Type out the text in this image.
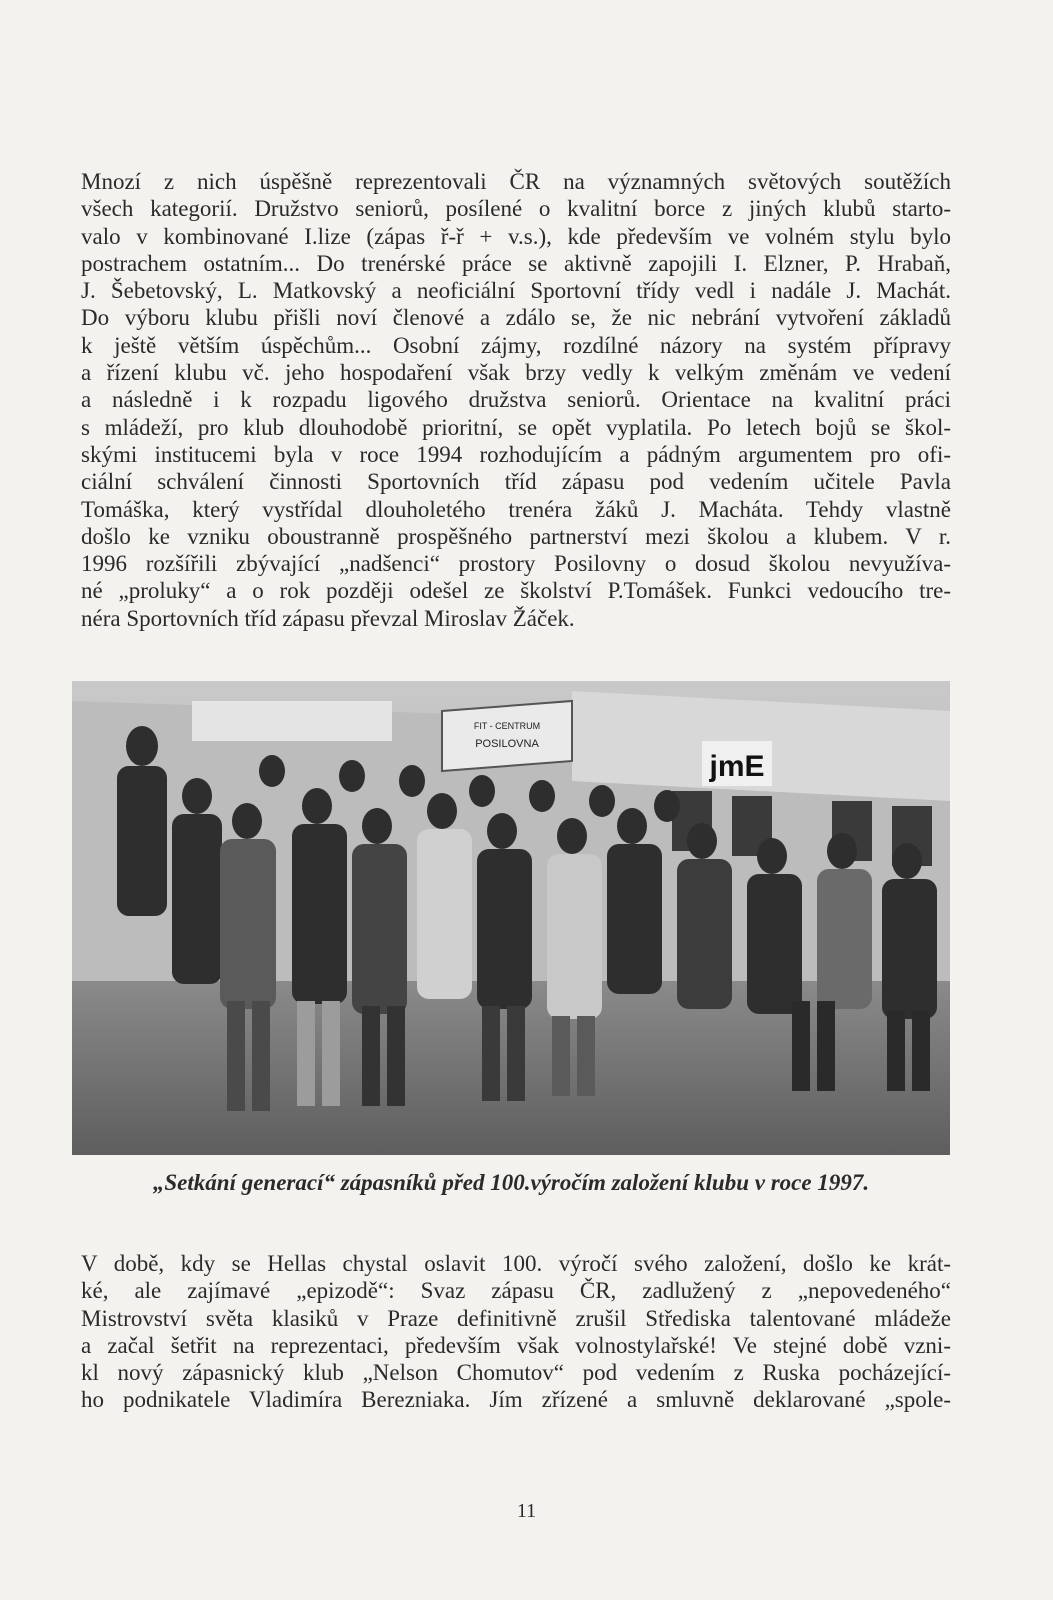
Mnozí z nich úspěšně reprezentovali ČR na významných světových soutěžích
všech kategorií. Družstvo seniorů, posílené o kvalitní borce z jiných klubů starto-
valo v kombinované I.lize (zápas ř-ř + v.s.), kde především ve volném stylu bylo
postrachem ostatním... Do trenérské práce se aktivně zapojili I. Elzner, P. Hrabaň,
J. Šebetovský, L. Matkovský a neoficiální Sportovní třídy vedl i nadále J. Machát.
Do výboru klubu přišli noví členové a zdálo se, že nic nebrání vytvoření základů
k ještě větším úspěchům... Osobní zájmy, rozdílné názory na systém přípravy
a řízení klubu vč. jeho hospodaření však brzy vedly k velkým změnám ve vedení
a následně i k rozpadu ligového družstva seniorů. Orientace na kvalitní práci
s mládeží, pro klub dlouhodobě prioritní, se opět vyplatila. Po letech bojů se škol-
skými institucemi byla v roce 1994 rozhodujícím a pádným argumentem pro ofi-
ciální schválení činnosti Sportovních tříd zápasu pod vedením učitele Pavla
Tomáška, který vystřídal dlouholetého trenéra žáků J. Macháta. Tehdy vlastně
došlo ke vzniku oboustranně prospěšného partnerství mezi školou a klubem. V r.
1996 rozšířili zbývající „nadšenci“ prostory Posilovny o dosud školou nevyužíva-
né „proluky“ a o rok později odešel ze školství P.Tomášek. Funkci vedoucího tre-
néra Sportovních tříd zápasu převzal Miroslav Žáček.
FIT - CENTRUM
POSILOVNA
jmE

„Setkání generací“ zápasníků před 100.výročím založení klubu v roce 1997.

V době, kdy se Hellas chystal oslavit 100. výročí svého založení, došlo ke krát-
ké, ale zajímavé „epizodě“: Svaz zápasu ČR, zadlužený z „nepovedeného“
Mistrovství světa klasiků v Praze definitivně zrušil Střediska talentované mládeže
a začal šetřit na reprezentaci, především však volnostylařské! Ve stejné době vzni-
kl nový zápasnický klub „Nelson Chomutov“ pod vedením z Ruska pocházející-
ho podnikatele Vladimíra Berezniaka. Jím zřízené a smluvně deklarované „spole-

11
